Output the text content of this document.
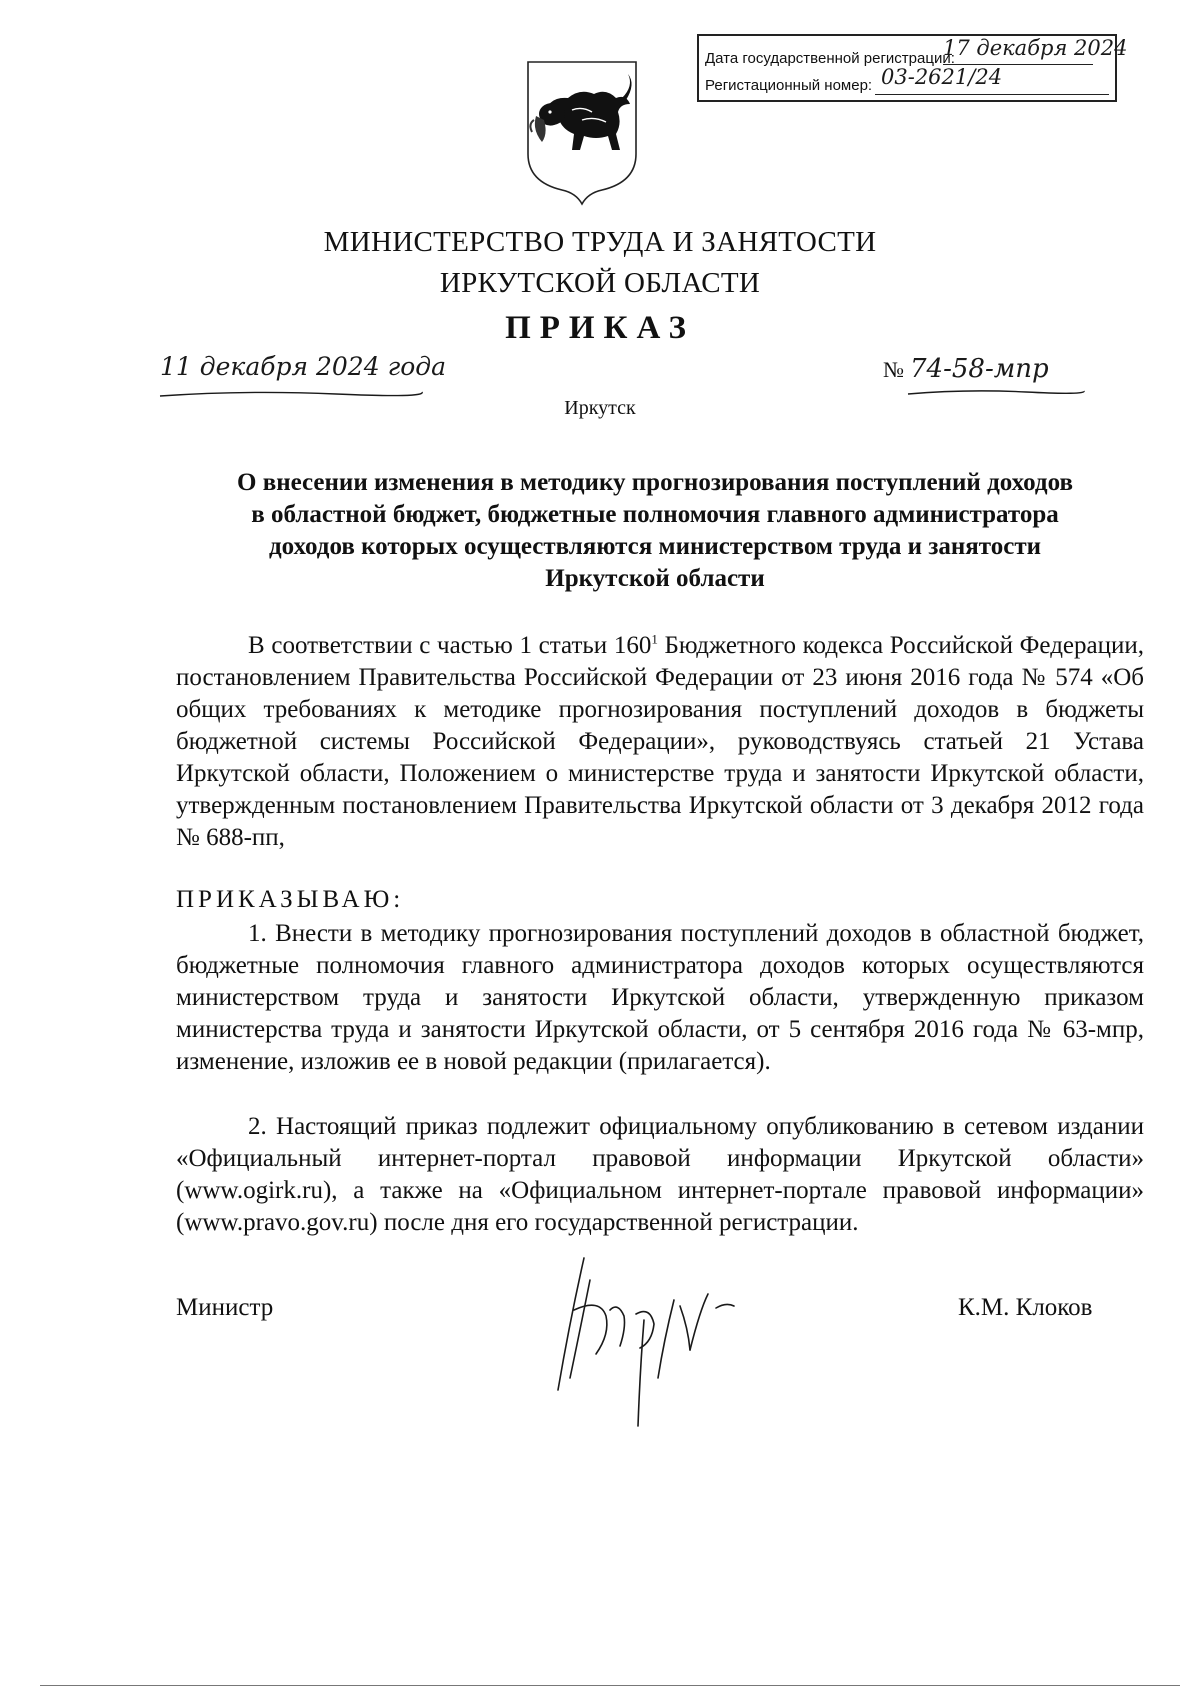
Дата государственной регистрации:
17 декабря 2024
Регистационный номер: 03-2621/24
МИНИСТЕРСТВО ТРУДА И ЗАНЯТОСТИ
ИРКУТСКОЙ ОБЛАСТИ
ПРИКАЗ
11 декабря 2024 года	№ 74-58-мпр
Иркутск
О внесении изменения в методику прогнозирования поступлений доходов
в областной бюджет, бюджетные полномочия главного администратора
доходов которых осуществляются министерством труда и занятости
Иркутской области
В соответствии с частью 1 статьи $160^1$ Бюджетного кодекса Российской Федерации, постановлением Правительства Российской Федерации от 23 июня 2016 года № 574 «Об общих требованиях к методике прогнозирования поступлений доходов в бюджеты бюджетной системы Российской Федерации», руководствуясь статьей 21 Устава Иркутской области, Положением о министерстве труда и занятости Иркутской области, утвержденным постановлением Правительства Иркутской области от 3 декабря 2012 года № 688-пп,
ПРИКАЗЫВАЮ:
1. Внести в методику прогнозирования поступлений доходов в областной бюджет, бюджетные полномочия главного администратора доходов которых осуществляются министерством труда и занятости Иркутской области, утвержденную приказом министерства труда и занятости Иркутской области, от 5 сентября 2016 года № 63-мпр, изменение, изложив ее в новой редакции (прилагается).
2. Настоящий приказ подлежит официальному опубликованию в сетевом издании «Официальный интернет-портал правовой информации Иркутской области» (www.ogirk.ru), а также на «Официальном интернет-портале правовой информации» (www.pravo.gov.ru) после дня его государственной регистрации.
Министр	К.М. Клоков
